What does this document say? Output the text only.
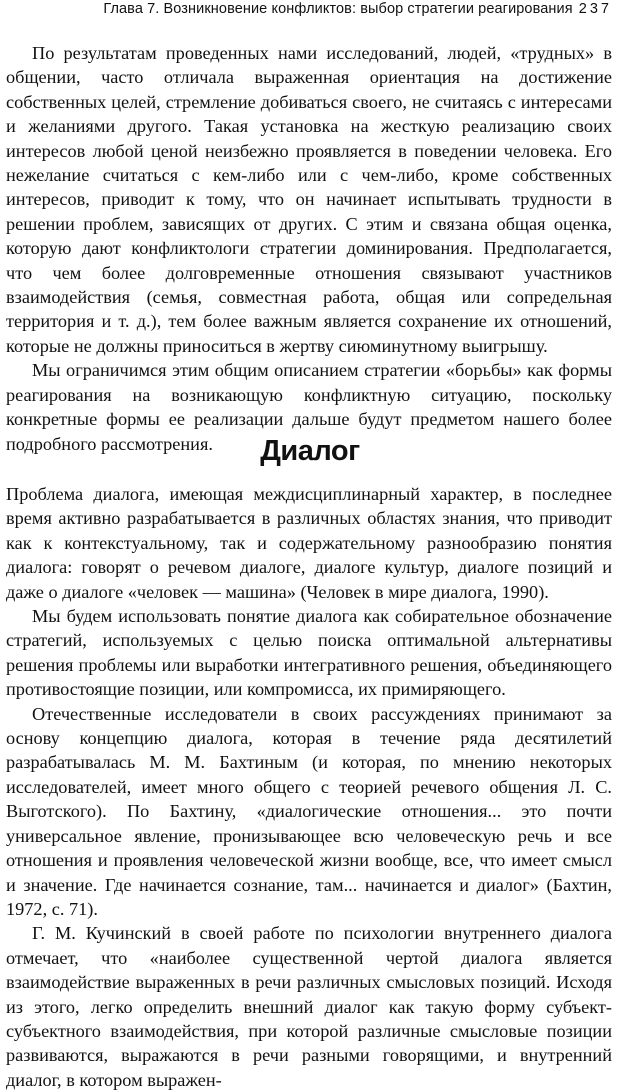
Глава 7. Возникновение конфликтов: выбор стратегии реагирования 237

По результатам проведенных нами исследований, людей, «трудных» в общении, часто отличала выраженная ориентация на достижение собственных целей, стремление добиваться своего, не считаясь с интересами и желаниями другого. Такая установка на жесткую реализацию своих интересов любой ценой неизбежно проявляется в поведении человека. Его нежелание считаться с кем-либо или с чем-либо, кроме собственных интересов, приводит к тому, что он начинает испытывать трудности в решении проблем, зависящих от других. С этим и связана общая оценка, которую дают конфликтологи стратегии доминирования. Предполагается, что чем более долговременные отношения связывают участников взаимодействия (семья, совместная работа, общая или сопредельная территория и т. д.), тем более важным является сохранение их отношений, которые не должны приноситься в жертву сиюминутному выигрышу.

Мы ограничимся этим общим описанием стратегии «борьбы» как формы реагирования на возникающую конфликтную ситуацию, поскольку конкретные формы ее реализации дальше будут предметом нашего более подробного рассмотрения.	Диалог

Проблема диалога, имеющая междисциплинарный характер, в последнее время активно разрабатывается в различных областях знания, что приводит как к контекстуальному, так и содержательному разнообразию понятия диалога: говорят о речевом диалоге, диалоге культур, диалоге позиций и даже о диалоге «человек — машина» (Человек в мире диалога, 1990).

Мы будем использовать понятие диалога как собирательное обозначение стратегий, используемых с целью поиска оптимальной альтернативы решения проблемы или выработки интегративного решения, объединяющего противостоящие позиции, или компромисса, их примиряющего.

Отечественные исследователи в своих рассуждениях принимают за основу концепцию диалога, которая в течение ряда десятилетий разрабатывалась М. М. Бахтиным (и которая, по мнению некоторых исследователей, имеет много общего с теорией речевого общения Л. С. Выготского). По Бахтину, «диалогические отношения... это почти универсальное явление, пронизывающее всю человеческую речь и все отношения и проявления человеческой жизни вообще, все, что имеет смысл и значение. Где начинается сознание, там... начинается и диалог» (Бахтин, 1972, с. 71).

Г. М. Кучинский в своей работе по психологии внутреннего диалога отмечает, что «наиболее существенной чертой диалога является взаимодействие выраженных в речи различных смысловых позиций. Исходя из этого, легко определить внешний диалог как такую форму субъект-субъектного взаимодействия, при которой различные смысловые позиции развиваются, выражаются в речи разными говорящими, и внутренний диалог, в котором выражен-
